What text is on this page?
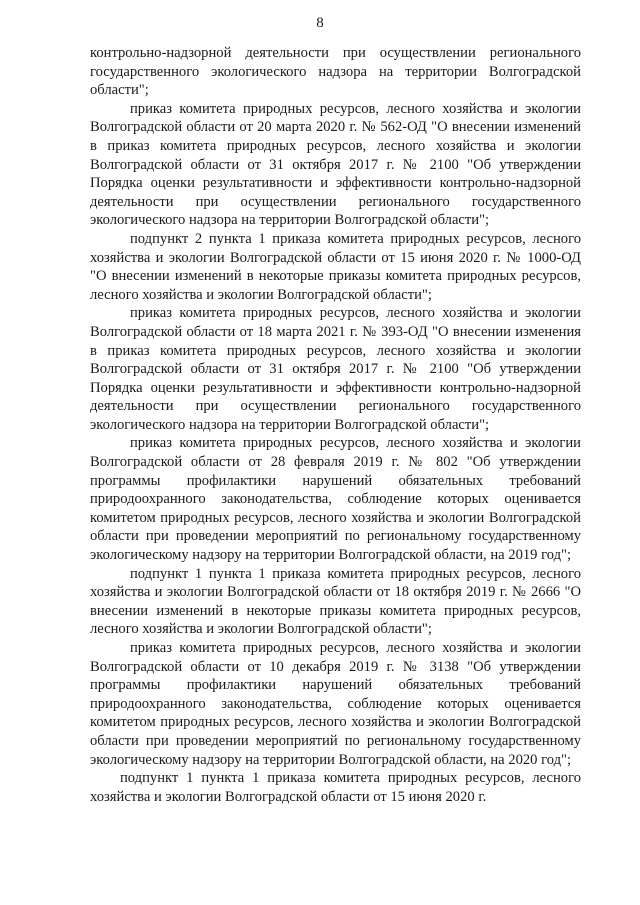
8

контрольно-надзорной деятельности при осуществлении регионального государственного экологического надзора на территории Волгоградской области";

приказ комитета природных ресурсов, лесного хозяйства и экологии Волгоградской области от 20 марта 2020 г. № 562-ОД "О внесении изменений в приказ комитета природных ресурсов, лесного хозяйства и экологии Волгоградской области от 31 октября 2017 г. № 2100 "Об утверждении Порядка оценки результативности и эффективности контрольно-надзорной деятельности при осуществлении регионального государственного экологического надзора на территории Волгоградской области";

подпункт 2 пункта 1 приказа комитета природных ресурсов, лесного хозяйства и экологии Волгоградской области от 15 июня 2020 г. № 1000-ОД "О внесении изменений в некоторые приказы комитета природных ресурсов, лесного хозяйства и экологии Волгоградской области";

приказ комитета природных ресурсов, лесного хозяйства и экологии Волгоградской области от 18 марта 2021 г. № 393-ОД "О внесении изменения в приказ комитета природных ресурсов, лесного хозяйства и экологии Волгоградской области от 31 октября 2017 г. № 2100 "Об утверждении Порядка оценки результативности и эффективности контрольно-надзорной деятельности при осуществлении регионального государственного экологического надзора на территории Волгоградской области";

приказ комитета природных ресурсов, лесного хозяйства и экологии Волгоградской области от 28 февраля 2019 г. № 802 "Об утверждении программы профилактики нарушений обязательных требований природоохранного законодательства, соблюдение которых оценивается комитетом природных ресурсов, лесного хозяйства и экологии Волгоградской области при проведении мероприятий по региональному государственному экологическому надзору на территории Волгоградской области, на 2019 год";

подпункт 1 пункта 1 приказа комитета природных ресурсов, лесного хозяйства и экологии Волгоградской области от 18 октября 2019 г. № 2666 "О внесении изменений в некоторые приказы комитета природных ресурсов, лесного хозяйства и экологии Волгоградской области";

приказ комитета природных ресурсов, лесного хозяйства и экологии Волгоградской области от 10 декабря 2019 г. № 3138 "Об утверждении программы профилактики нарушений обязательных требований природоохранного законодательства, соблюдение которых оценивается комитетом природных ресурсов, лесного хозяйства и экологии Волгоградской области при проведении мероприятий по региональному государственному экологическому надзору на территории Волгоградской области, на 2020 год";

подпункт 1 пункта 1 приказа комитета природных ресурсов, лесного хозяйства и экологии Волгоградской области от 15 июня 2020 г.
